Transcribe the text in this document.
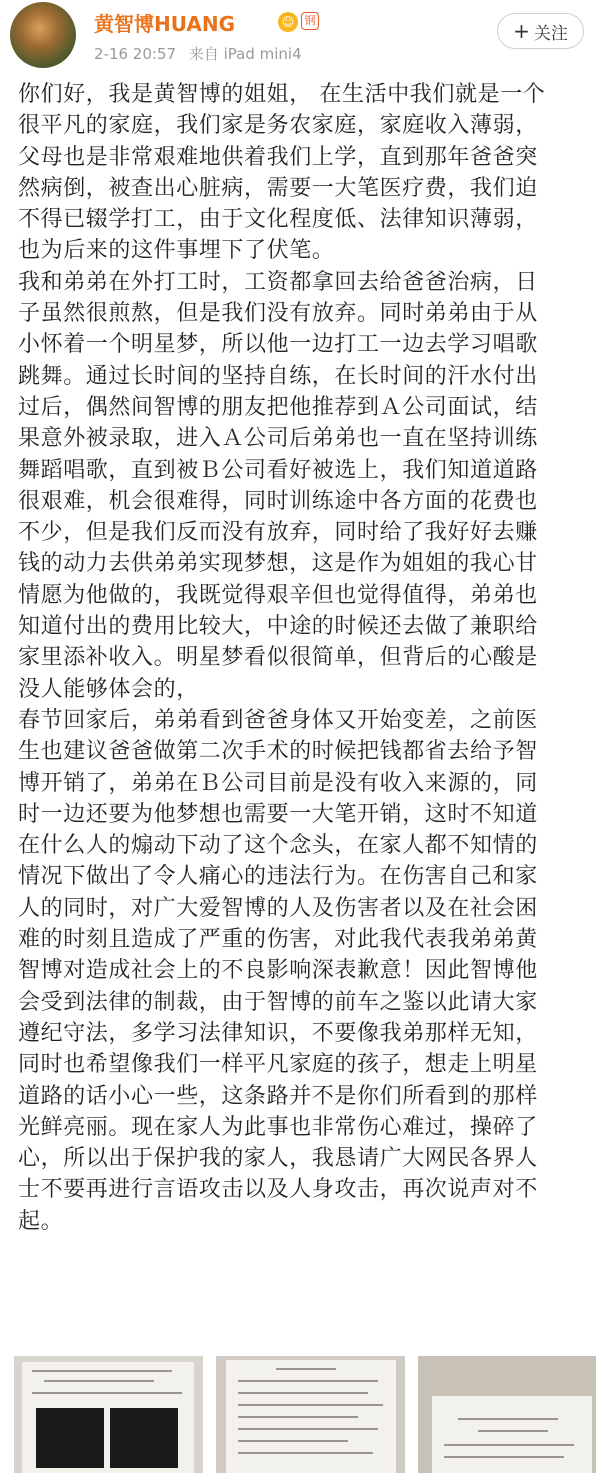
黄智博HUANG	☺ 钢
2-16 20:57 来自 iPad mini4
+ 关注

你们好，我是黄智博的姐姐， 在生活中我们就是一个
很平凡的家庭，我们家是务农家庭，家庭收入薄弱，
父母也是非常艰难地供着我们上学，直到那年爸爸突
然病倒，被查出心脏病，需要一大笔医疗费，我们迫
不得已辍学打工，由于文化程度低、法律知识薄弱，
也为后来的这件事埋下了伏笔。

我和弟弟在外打工时，工资都拿回去给爸爸治病，日
子虽然很煎熬，但是我们没有放弃。同时弟弟由于从
小怀着一个明星梦，所以他一边打工一边去学习唱歌
跳舞。通过长时间的坚持自练，在长时间的汗水付出
过后，偶然间智博的朋友把他推荐到Ａ公司面试，结
果意外被录取，进入Ａ公司后弟弟也一直在坚持训练
舞蹈唱歌，直到被Ｂ公司看好被选上，我们知道道路
很艰难，机会很难得，同时训练途中各方面的花费也
不少，但是我们反而没有放弃，同时给了我好好去赚
钱的动力去供弟弟实现梦想，这是作为姐姐的我心甘
情愿为他做的，我既觉得艰辛但也觉得值得，弟弟也
知道付出的费用比较大，中途的时候还去做了兼职给
家里添补收入。明星梦看似很简单，但背后的心酸是
没人能够体会的，

春节回家后，弟弟看到爸爸身体又开始变差，之前医
生也建议爸爸做第二次手术的时候把钱都省去给予智
博开销了，弟弟在Ｂ公司目前是没有收入来源的，同
时一边还要为他梦想也需要一大笔开销，这时不知道
在什么人的煽动下动了这个念头，在家人都不知情的
情况下做出了令人痛心的违法行为。在伤害自己和家
人的同时，对广大爱智博的人及伤害者以及在社会困
难的时刻且造成了严重的伤害，对此我代表我弟弟黄
智博对造成社会上的不良影响深表歉意！因此智博他
会受到法律的制裁，由于智博的前车之鉴以此请大家
遵纪守法，多学习法律知识，不要像我弟那样无知，
同时也希望像我们一样平凡家庭的孩子，想走上明星
道路的话小心一些，这条路并不是你们所看到的那样
光鲜亮丽。现在家人为此事也非常伤心难过，操碎了
心，所以出于保护我的家人，我恳请广大网民各界人
士不要再进行言语攻击以及人身攻击，再次说声对不
起。
